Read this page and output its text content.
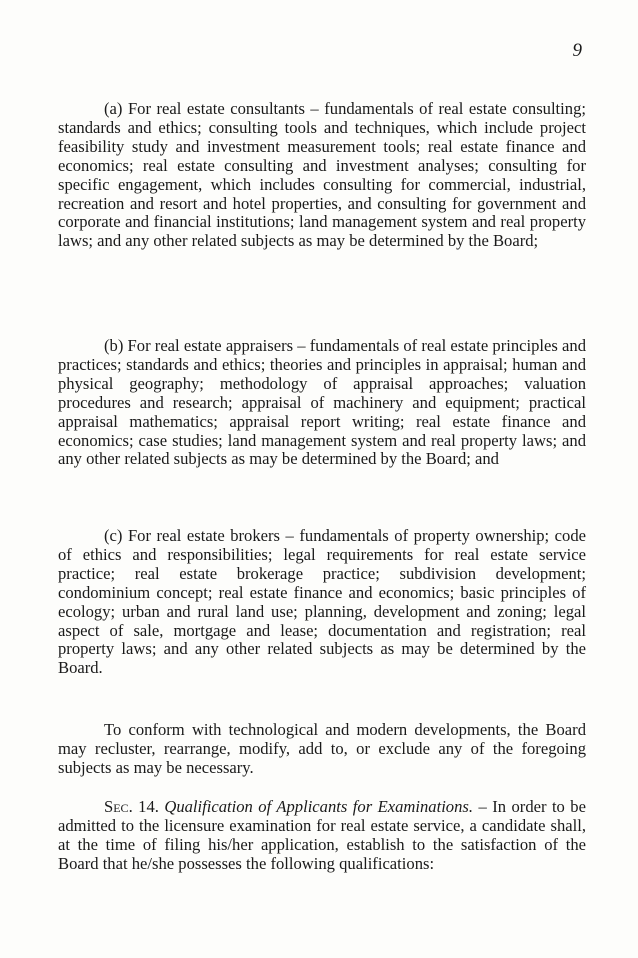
9

(a) For real estate consultants – fundamentals of real estate consulting; standards and ethics; consulting tools and techniques, which include project feasibility study and investment measurement tools; real estate finance and economics; real estate consulting and investment analyses; consulting for specific engagement, which includes consulting for commercial, industrial, recreation and resort and hotel properties, and consulting for government and corporate and financial institutions; land management system and real property laws; and any other related subjects as may be determined by the Board;

(b) For real estate appraisers – fundamentals of real estate principles and practices; standards and ethics; theories and principles in appraisal; human and physical geography; methodology of appraisal approaches; valuation procedures and research; appraisal of machinery and equipment; practical appraisal mathematics; appraisal report writing; real estate finance and economics; case studies; land management system and real property laws; and any other related subjects as may be determined by the Board; and

(c) For real estate brokers – fundamentals of property ownership; code of ethics and responsibilities; legal requirements for real estate service practice; real estate brokerage practice; subdivision development; condominium concept; real estate finance and economics; basic principles of ecology; urban and rural land use; planning, development and zoning; legal aspect of sale, mortgage and lease; documentation and registration; real property laws; and any other related subjects as may be determined by the Board.

To conform with technological and modern developments, the Board may recluster, rearrange, modify, add to, or exclude any of the foregoing subjects as may be necessary.

Sec. 14. Qualification of Applicants for Examinations. – In order to be admitted to the licensure examination for real estate service, a candidate shall, at the time of filing his/her application, establish to the satisfaction of the Board that he/she possesses the following qualifications:
